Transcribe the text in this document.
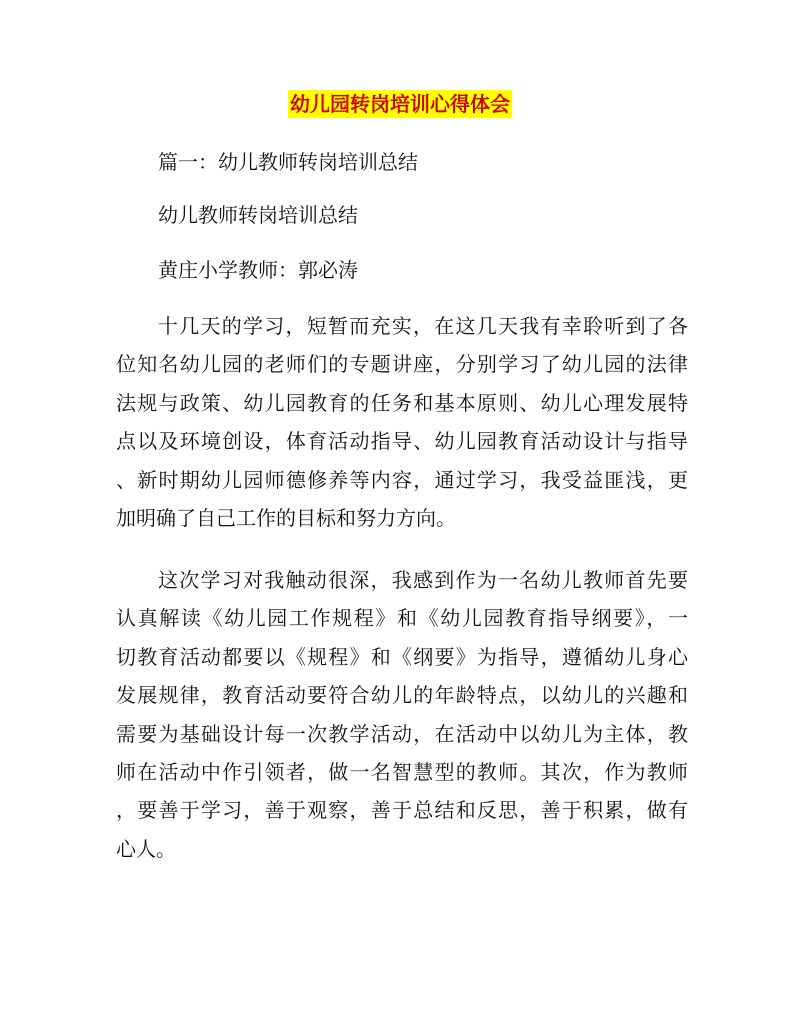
幼儿园转岗培训心得体会
篇一：幼儿教师转岗培训总结
幼儿教师转岗培训总结
黄庄小学教师：郭必涛
十几天的学习，短暂而充实，在这几天我有幸聆听到了各
位知名幼儿园的老师们的专题讲座，分别学习了幼儿园的法律
法规与政策、幼儿园教育的任务和基本原则、幼儿心理发展特
点以及环境创设，体育活动指导、幼儿园教育活动设计与指导
、新时期幼儿园师德修养等内容，通过学习，我受益匪浅，更
加明确了自己工作的目标和努力方向。
这次学习对我触动很深，我感到作为一名幼儿教师首先要
认真解读《幼儿园工作规程》和《幼儿园教育指导纲要》，一
切教育活动都要以《规程》和《纲要》为指导，遵循幼儿身心
发展规律，教育活动要符合幼儿的年龄特点，以幼儿的兴趣和
需要为基础设计每一次教学活动，在活动中以幼儿为主体，教
师在活动中作引领者，做一名智慧型的教师。其次，作为教师
，要善于学习，善于观察，善于总结和反思，善于积累，做有
心人。
